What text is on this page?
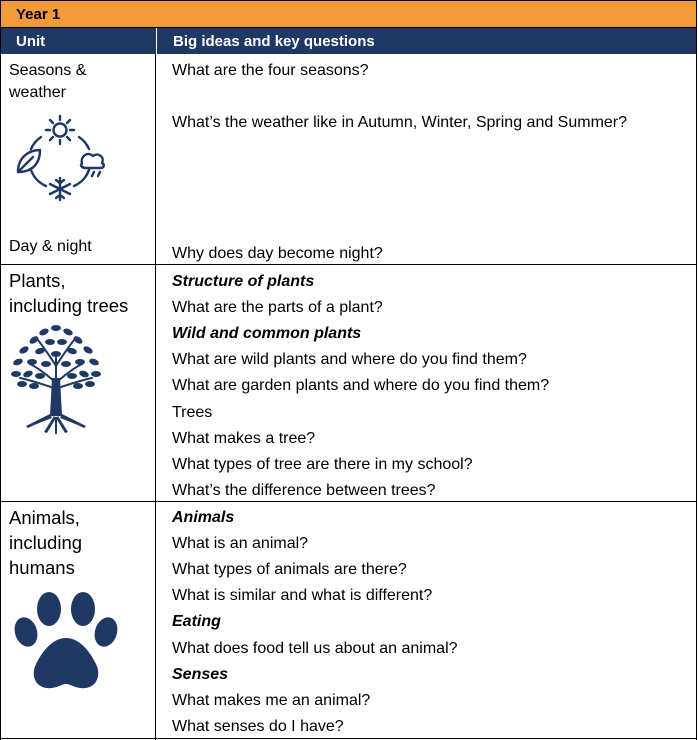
Year 1
Unit	Big ideas and key questions
Seasons &
weather
Day & night
What are the four seasons?
What’s the weather like in Autumn, Winter, Spring and Summer?
Why does day become night?
Plants,
including trees
Structure of plants
What are the parts of a plant?
Wild and common plants
What are wild plants and where do you find them?
What are garden plants and where do you find them?
Trees
What makes a tree?
What types of tree are there in my school?
What’s the difference between trees?
Animals,
including
humans
Animals
What is an animal?
What types of animals are there?
What is similar and what is different?
Eating
What does food tell us about an animal?
Senses
What makes me an animal?
What senses do I have?
